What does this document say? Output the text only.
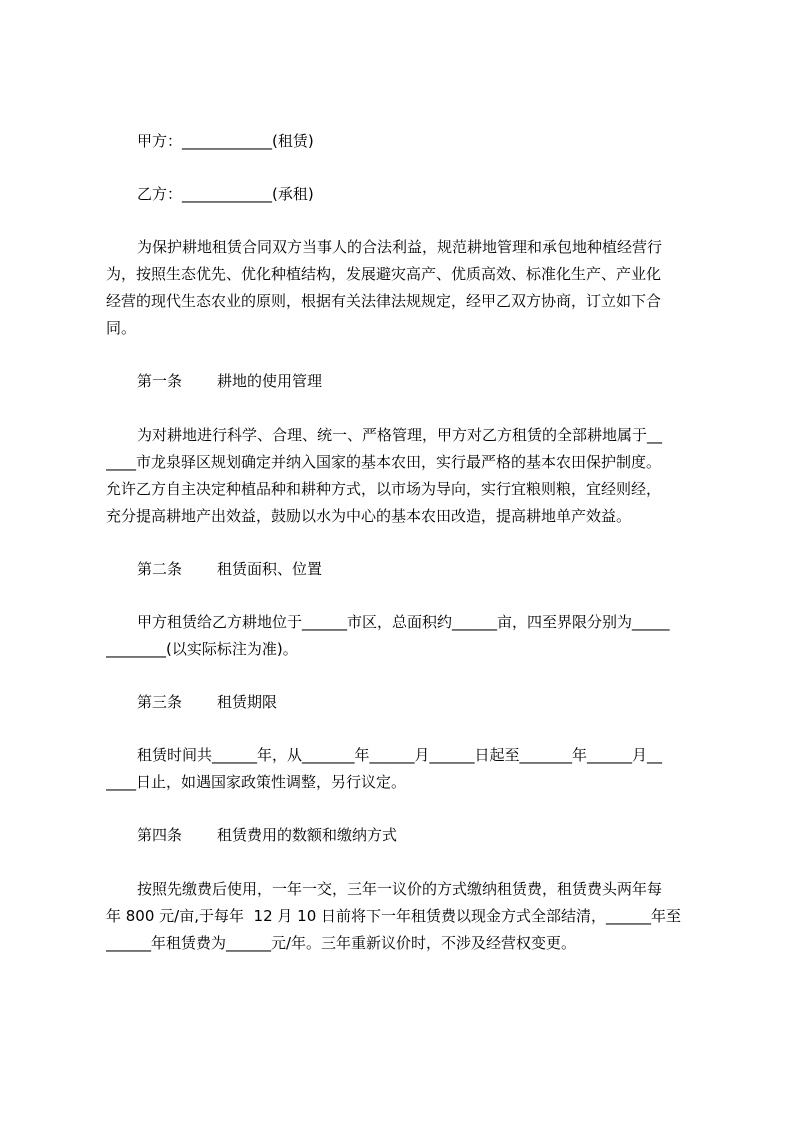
甲方：____________(租赁)
乙方：____________(承租)
为保护耕地租赁合同双方当事人的合法利益，规范耕地管理和承包地种植经营行
为，按照生态优先、优化种植结构，发展避灾高产、优质高效、标准化生产、产业化
经营的现代生态农业的原则，根据有关法律法规规定，经甲乙双方协商，订立如下合
同。
第一条 耕地的使用管理
为对耕地进行科学、合理、统一、严格管理，甲方对乙方租赁的全部耕地属于__
____市龙泉驿区规划确定并纳入国家的基本农田，实行最严格的基本农田保护制度。
允许乙方自主决定种植品种和耕种方式，以市场为导向，实行宜粮则粮，宜经则经，
充分提高耕地产出效益，鼓励以水为中心的基本农田改造，提高耕地单产效益。
第二条 租赁面积、位置
甲方租赁给乙方耕地位于______市区，总面积约______亩，四至界限分别为_____
________(以实际标注为准)。
第三条 租赁期限
租赁时间共______年，从_______年______月______日起至_______年______月__
____日止，如遇国家政策性调整，另行议定。
第四条 租赁费用的数额和缴纳方式
按照先缴费后使用，一年一交，三年一议价的方式缴纳租赁费，租赁费头两年每
年 800 元/亩,于每年  12 月 10 日前将下一年租赁费以现金方式全部结清，______年至
______年租赁费为______元/年。三年重新议价时，不涉及经营权变更。
